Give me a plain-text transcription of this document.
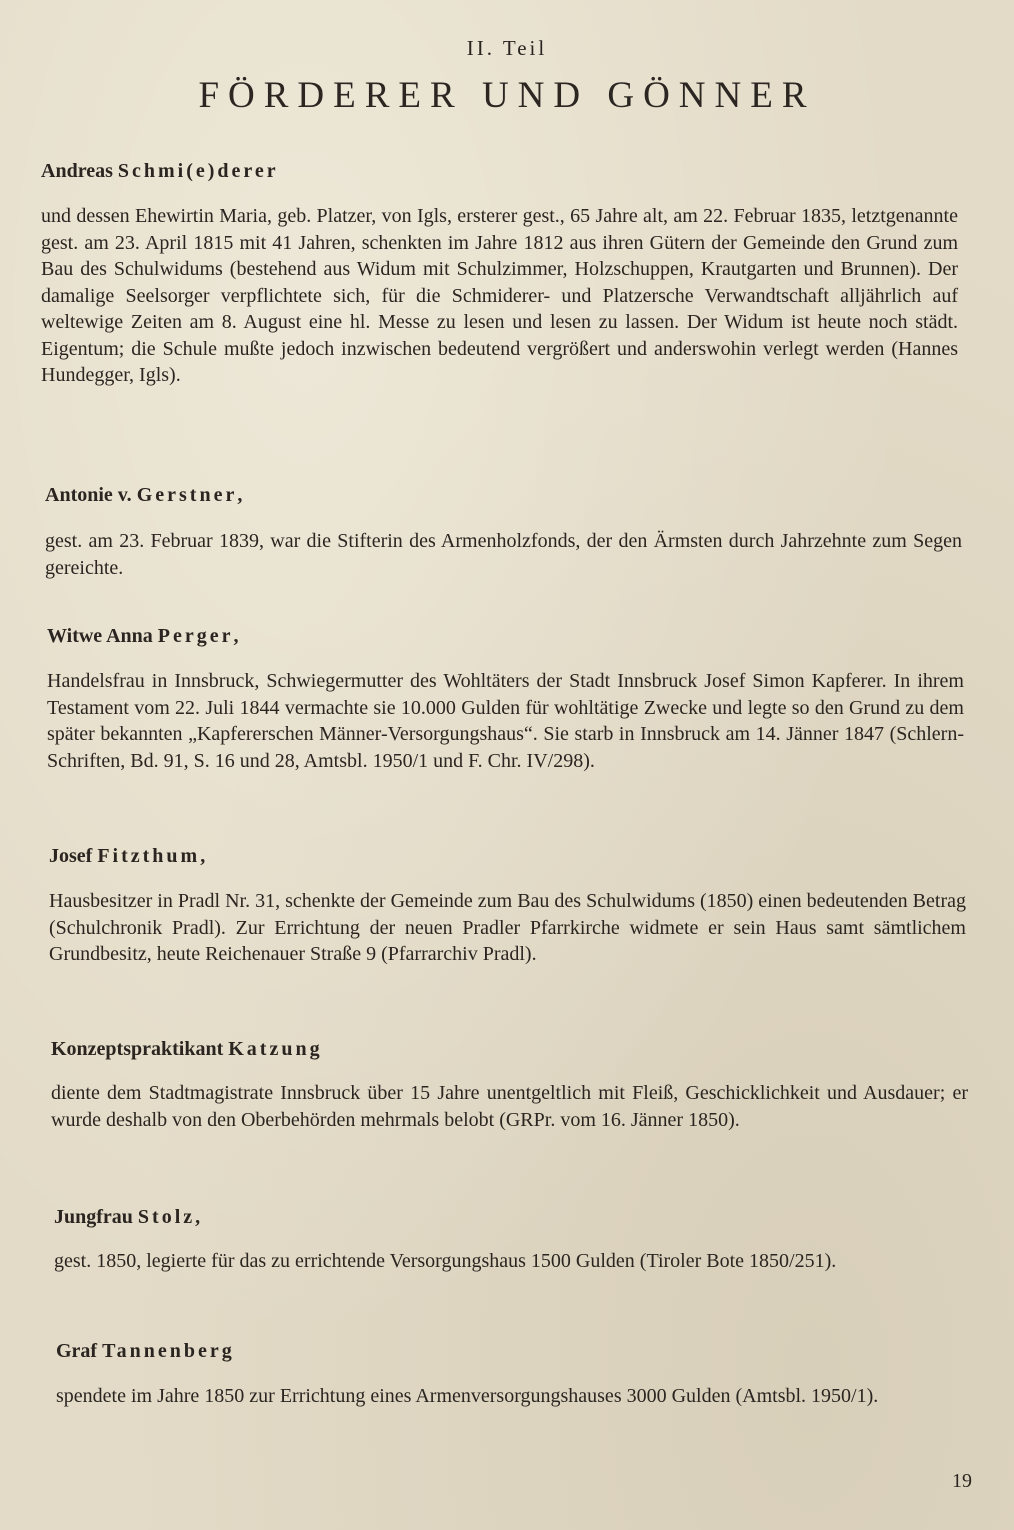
II. Teil
FÖRDERER UND GÖNNER
Andreas Schmi(e)derer
und dessen Ehewirtin Maria, geb. Platzer, von Igls, ersterer gest., 65 Jahre alt, am 22. Februar 1835, letztgenannte gest. am 23. April 1815 mit 41 Jahren, schenkten im Jahre 1812 aus ihren Gütern der Gemeinde den Grund zum Bau des Schulwidums (bestehend aus Widum mit Schulzimmer, Holzschuppen, Krautgarten und Brunnen). Der damalige Seelsorger verpflichtete sich, für die Schmiderer- und Platzersche Verwandtschaft alljährlich auf weltewige Zeiten am 8. August eine hl. Messe zu lesen und lesen zu lassen. Der Widum ist heute noch städt. Eigentum; die Schule mußte jedoch inzwischen bedeutend vergrößert und anderswohin verlegt werden (Hannes Hundegger, Igls).
Antonie v. Gerstner,
gest. am 23. Februar 1839, war die Stifterin des Armenholzfonds, der den Ärmsten durch Jahrzehnte zum Segen gereichte.
Witwe Anna Perger,
Handelsfrau in Innsbruck, Schwiegermutter des Wohltäters der Stadt Innsbruck Josef Simon Kapferer. In ihrem Testament vom 22. Juli 1844 vermachte sie 10.000 Gulden für wohltätige Zwecke und legte so den Grund zu dem später bekannten „Kapfererschen Männer-Versorgungshaus“. Sie starb in Innsbruck am 14. Jänner 1847 (Schlern-Schriften, Bd. 91, S. 16 und 28, Amtsbl. 1950/1 und F. Chr. IV/298).
Josef Fitzthum,
Hausbesitzer in Pradl Nr. 31, schenkte der Gemeinde zum Bau des Schulwidums (1850) einen bedeutenden Betrag (Schulchronik Pradl). Zur Errichtung der neuen Pradler Pfarrkirche widmete er sein Haus samt sämtlichem Grundbesitz, heute Reichenauer Straße 9 (Pfarrarchiv Pradl).
Konzeptspraktikant Katzung
diente dem Stadtmagistrate Innsbruck über 15 Jahre unentgeltlich mit Fleiß, Geschicklichkeit und Ausdauer; er wurde deshalb von den Oberbehörden mehrmals belobt (GRPr. vom 16. Jänner 1850).
Jungfrau Stolz,
gest. 1850, legierte für das zu errichtende Versorgungshaus 1500 Gulden (Tiroler Bote 1850/251).
Graf Tannenberg
spendete im Jahre 1850 zur Errichtung eines Armenversorgungshauses 3000 Gulden (Amtsbl. 1950/1).
19
